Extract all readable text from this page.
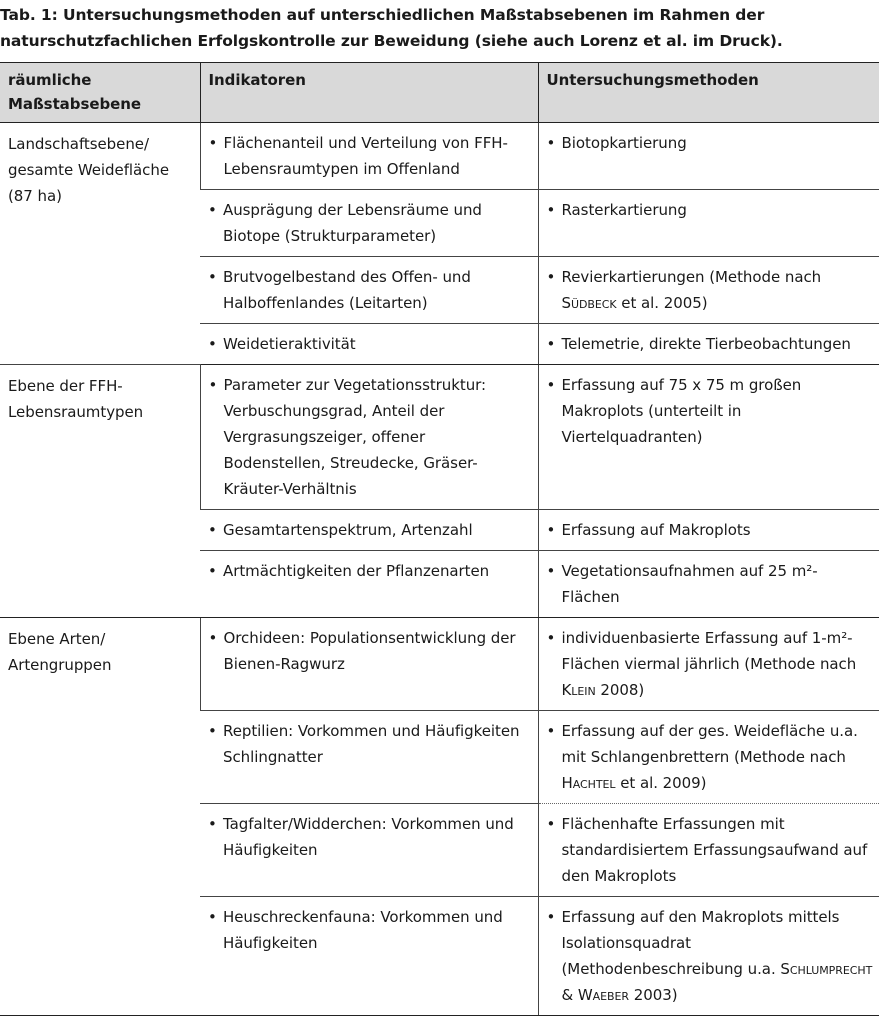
Tab. 1: Untersuchungsmethoden auf unterschiedlichen Maßstabsebenen im Rahmen der naturschutzfachlichen Erfolgskontrolle zur Beweidung (siehe auch Lorenz et al. im Druck).
räumliche Maßstabsebene	Indikatoren	Untersuchungsmethoden
Landschaftsebene/ gesamte Weidefläche (87 ha)	• Flächenanteil und Verteilung von FFH-Lebensraumtypen im Offenland	• Biotopkartierung

	• Ausprägung der Lebensräume und Biotope (Strukturparameter)	• Rasterkartierung

	• Brutvogelbestand des Offen- und Halboffenlandes (Leitarten)	• Revierkartierungen (Methode nach Südbeck et al. 2005)

	• Weidetieraktivität	• Telemetrie, direkte Tierbeobachtungen

Ebene der FFH-Lebensraumtypen	• Parameter zur Vegetationsstruktur: Verbuschungsgrad, Anteil der Vergrasungszeiger, offener Bodenstellen, Streudecke, Gräser-Kräuter-Verhältnis	• Erfassung auf 75 x 75 m großen Makroplots (unterteilt in Viertelquadranten)

	• Gesamtartenspektrum, Artenzahl	• Erfassung auf Makroplots

	• Artmächtigkeiten der Pflanzenarten	• Vegetationsaufnahmen auf 25 m²-Flächen

Ebene Arten/ Artengruppen	• Orchideen: Populationsentwicklung der Bienen-Ragwurz	• individuenbasierte Erfassung auf 1-m²-Flächen viermal jährlich (Methode nach Klein 2008)

	• Reptilien: Vorkommen und Häufigkeiten Schlingnatter	• Erfassung auf der ges. Weidefläche u.a. mit Schlangenbrettern (Methode nach Hachtel et al. 2009)

	• Tagfalter/Widderchen: Vorkommen und Häufigkeiten	• Flächenhafte Erfassungen mit standardisiertem Erfassungsaufwand auf den Makroplots

	• Heuschreckenfauna: Vorkommen und Häufigkeiten	• Erfassung auf den Makroplots mittels Isolationsquadrat (Methodenbeschreibung u.a. Schlumprecht & Waeber 2003)
